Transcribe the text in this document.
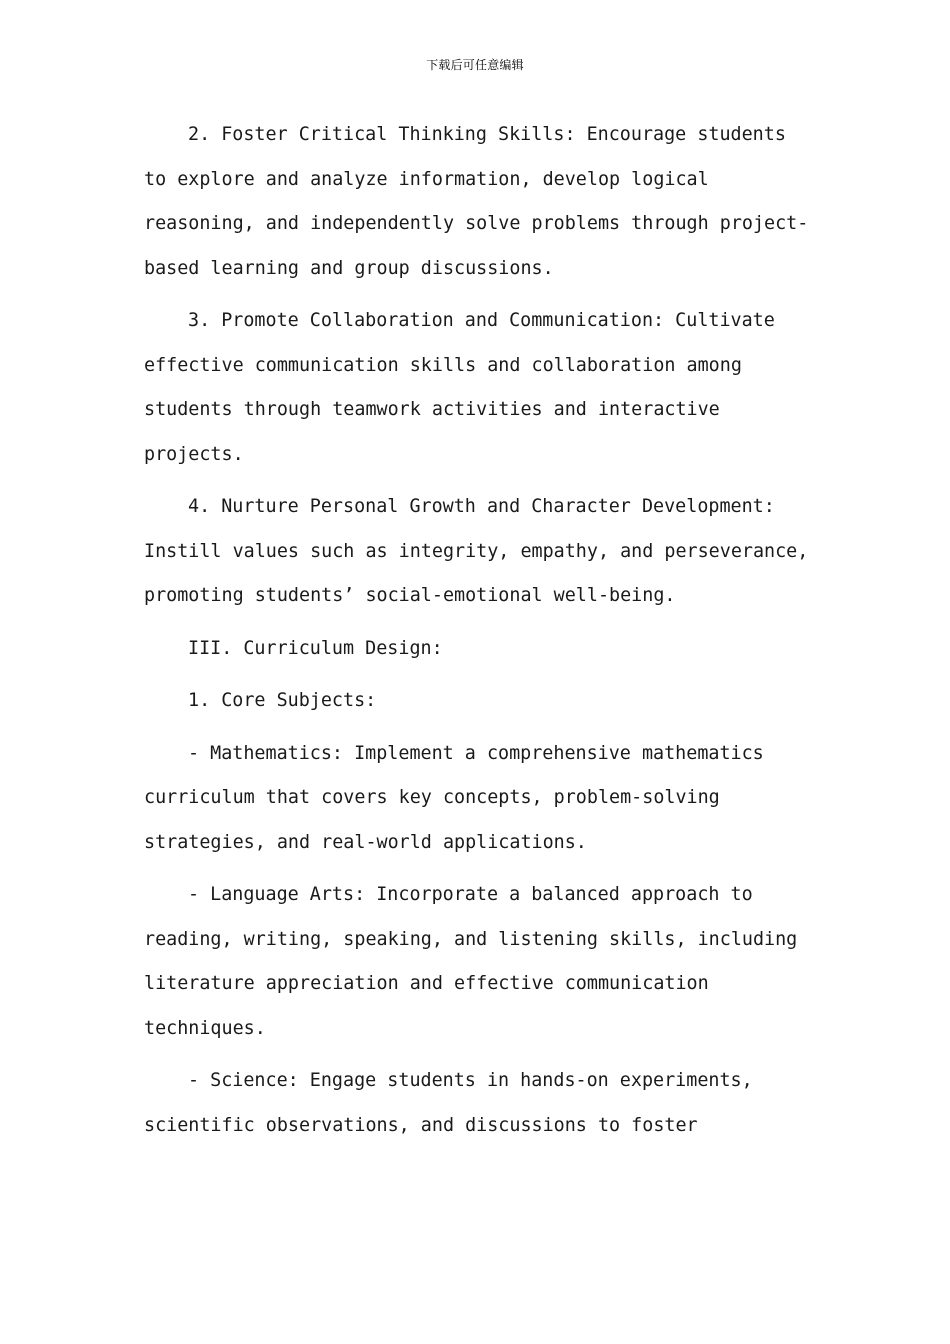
下载后可任意编辑

2. Foster Critical Thinking Skills: Encourage students to explore and analyze information, develop logical reasoning, and independently solve problems through project-based learning and group discussions.

3. Promote Collaboration and Communication: Cultivate effective communication skills and collaboration among students through teamwork activities and interactive projects.

4. Nurture Personal Growth and Character Development: Instill values such as integrity, empathy, and perseverance, promoting students’ social-emotional well-being.

III. Curriculum Design:

1. Core Subjects:

- Mathematics: Implement a comprehensive mathematics curriculum that covers key concepts, problem-solving strategies, and real-world applications.

- Language Arts: Incorporate a balanced approach to reading, writing, speaking, and listening skills, including literature appreciation and effective communication techniques.

- Science: Engage students in hands-on experiments, scientific observations, and discussions to foster
